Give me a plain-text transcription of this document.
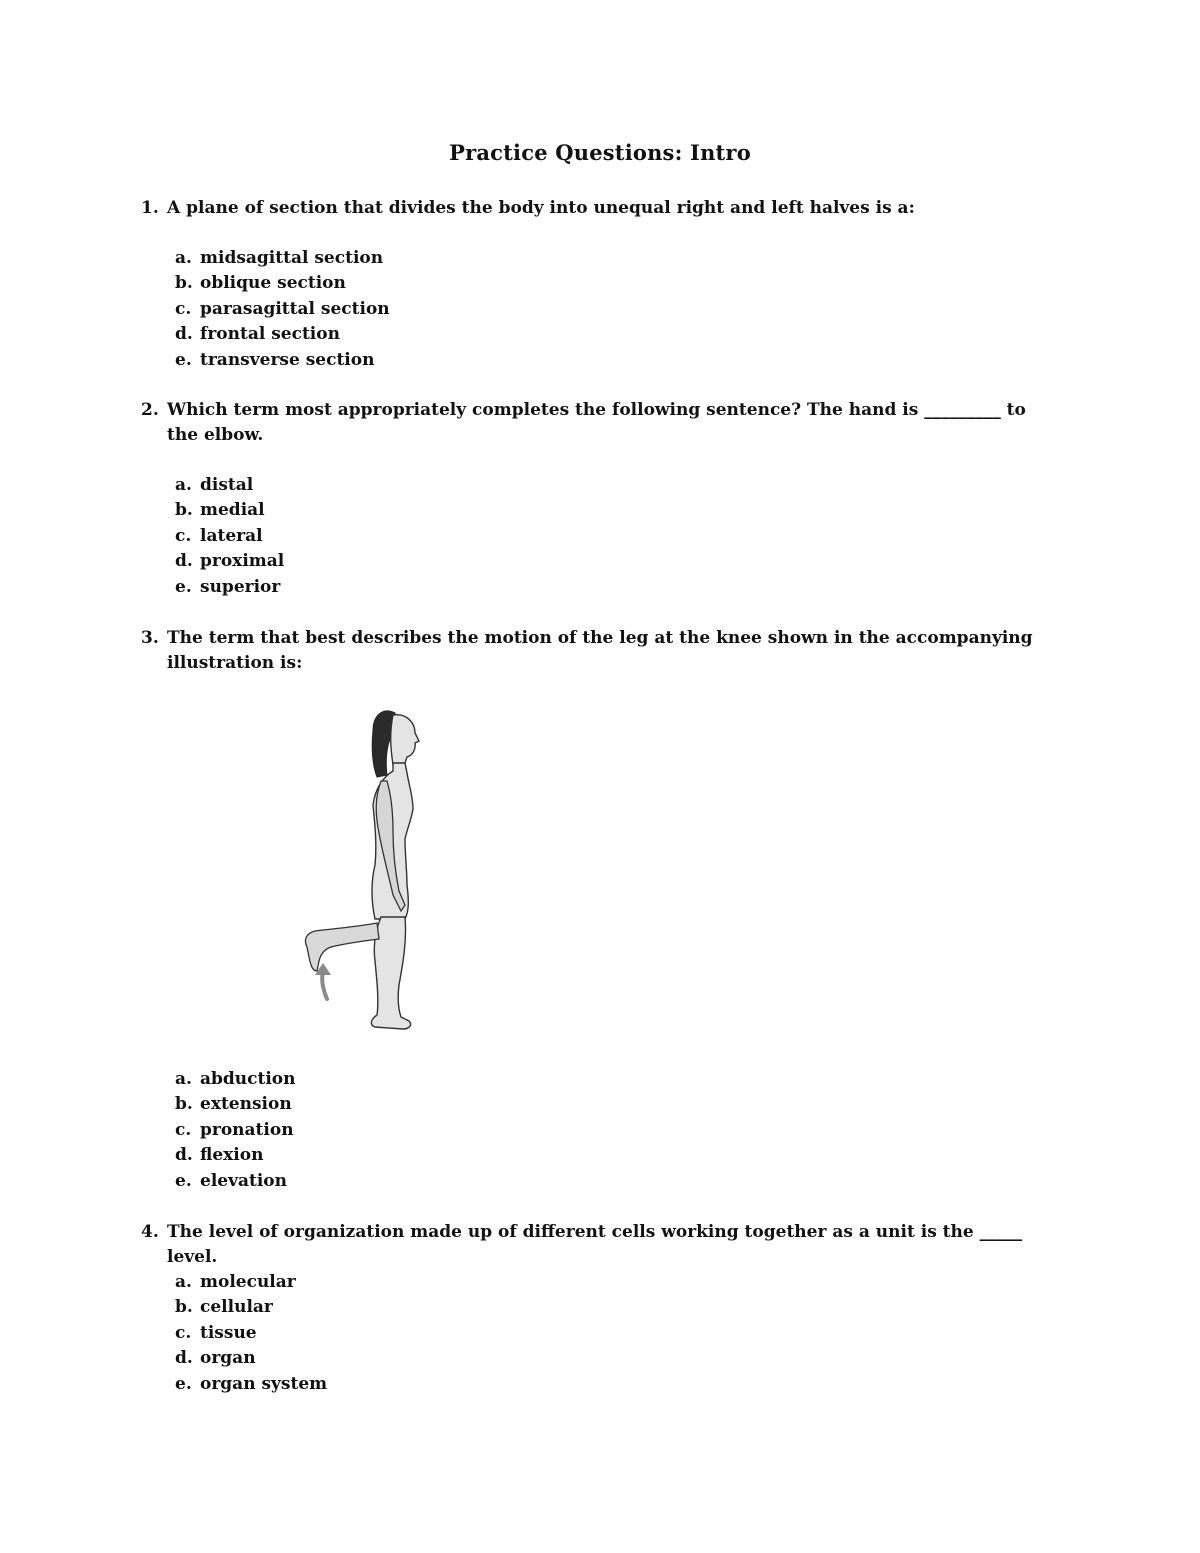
Practice Questions: Intro
1. A plane of section that divides the body into unequal right and left halves is a:
a. midsagittal section
b. oblique section
c. parasagittal section
d. frontal section
e. transverse section
2. Which term most appropriately completes the following sentence? The hand is _________ to the elbow.
a. distal
b. medial
c. lateral
d. proximal
e. superior
3. The term that best describes the motion of the leg at the knee shown in the accompanying illustration is:
a. abduction
b. extension
c. pronation
d. flexion
e. elevation
4. The level of organization made up of different cells working together as a unit is the _____ level.
a. molecular
b. cellular
c. tissue
d. organ
e. organ system
